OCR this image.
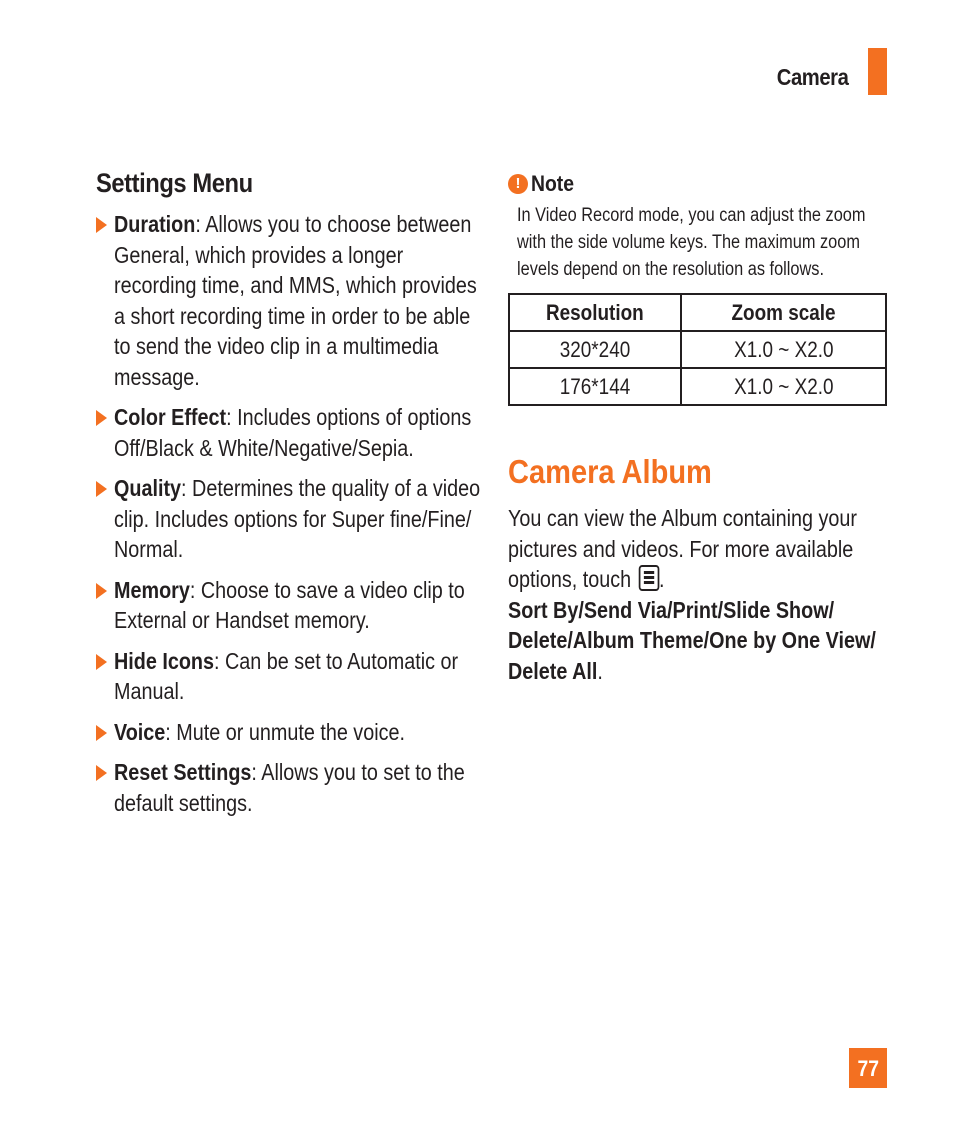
Camera
Settings Menu
Duration: Allows you to choose between General, which provides a longer recording time, and MMS, which provides a short recording time in order to be able to send the video clip in a multimedia message.
Color Effect: Includes options of options Off/Black & White/Negative/Sepia.
Quality: Determines the quality of a video clip. Includes options for Super fine/Fine/ Normal.
Memory: Choose to save a video clip to External or Handset memory.
Hide Icons: Can be set to Automatic or Manual.
Voice: Mute or unmute the voice.
Reset Settings: Allows you to set to the default settings.
! Note
In Video Record mode, you can adjust the zoom with the side volume keys. The maximum zoom levels depend on the resolution as follows.
Resolution	Zoom scale
320*240	X1.0 ~ X2.0
176*144	X1.0 ~ X2.0
Camera Album
You can view the Album containing your pictures and videos. For more available options, touch .
Sort By/Send Via/Print/Slide Show/ Delete/Album Theme/One by One View/ Delete All.
77
